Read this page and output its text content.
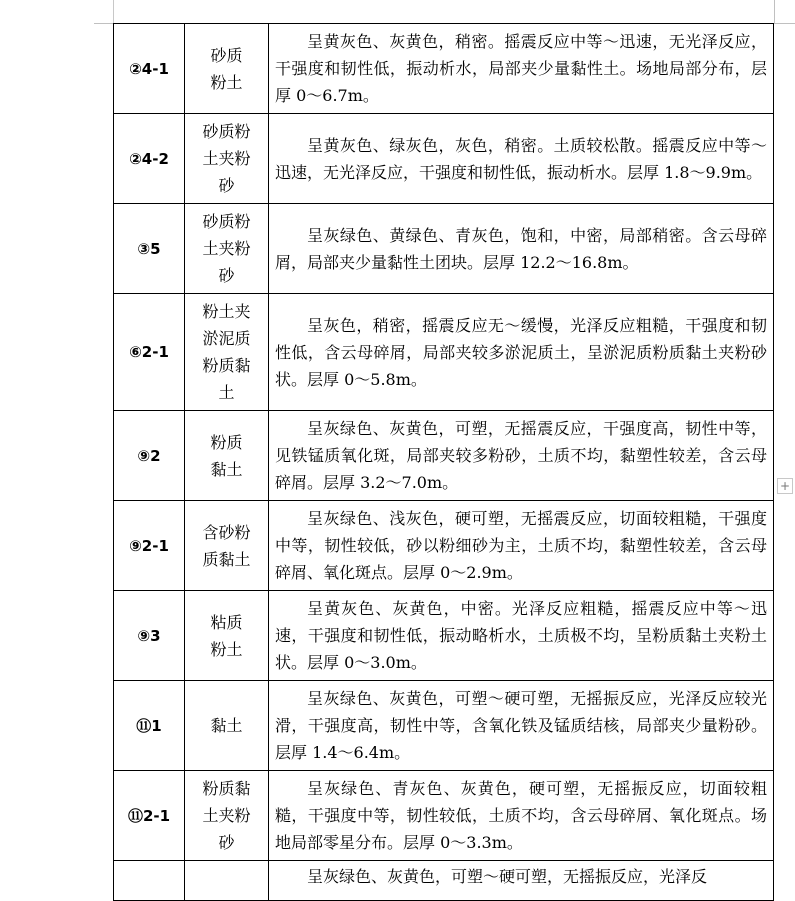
②4-1	砂质
粉土	呈黄灰色、灰黄色，稍密。摇震反应中等～迅速，无光泽反应，干强度和韧性低，振动析水，局部夹少量黏性土。场地局部分布，层厚 0～6.7m。

②4-2	砂质粉
土夹粉
砂	呈黄灰色、绿灰色，灰色，稍密。土质较松散。摇震反应中等～迅速，无光泽反应，干强度和韧性低，振动析水。层厚 1.8～9.9m。

③5	砂质粉
土夹粉
砂	呈灰绿色、黄绿色、青灰色，饱和，中密，局部稍密。含云母碎屑，局部夹少量黏性土团块。层厚 12.2～16.8m。

⑥2-1	粉土夹
淤泥质
粉质黏
土	呈灰色，稍密，摇震反应无～缓慢，光泽反应粗糙，干强度和韧性低，含云母碎屑，局部夹较多淤泥质土，呈淤泥质粉质黏土夹粉砂状。层厚 0～5.8m。

⑨2	粉质
黏土	呈灰绿色、灰黄色，可塑，无摇震反应，干强度高，韧性中等，见铁锰质氧化斑，局部夹较多粉砂，土质不均，黏塑性较差，含云母碎屑。层厚 3.2～7.0m。

⑨2-1	含砂粉
质黏土	呈灰绿色、浅灰色，硬可塑，无摇震反应，切面较粗糙，干强度中等，韧性较低，砂以粉细砂为主，土质不均，黏塑性较差，含云母碎屑、氧化斑点。层厚 0～2.9m。

⑨3	粘质
粉土	呈黄灰色、灰黄色，中密。光泽反应粗糙，摇震反应中等～迅速，干强度和韧性低，振动略析水，土质极不均，呈粉质黏土夹粉土状。层厚 0～3.0m。

⑪1	黏土	呈灰绿色、灰黄色，可塑～硬可塑，无摇振反应，光泽反应较光滑，干强度高，韧性中等，含氧化铁及锰质结核，局部夹少量粉砂。层厚 1.4～6.4m。

⑪2-1	粉质黏
土夹粉
砂	呈灰绿色、青灰色、灰黄色，硬可塑，无摇振反应，切面较粗糙，干强度中等，韧性较低，土质不均，含云母碎屑、氧化斑点。场地局部零星分布。层厚 0～3.3m。

		呈灰绿色、灰黄色，可塑～硬可塑，无摇振反应，光泽反
+
